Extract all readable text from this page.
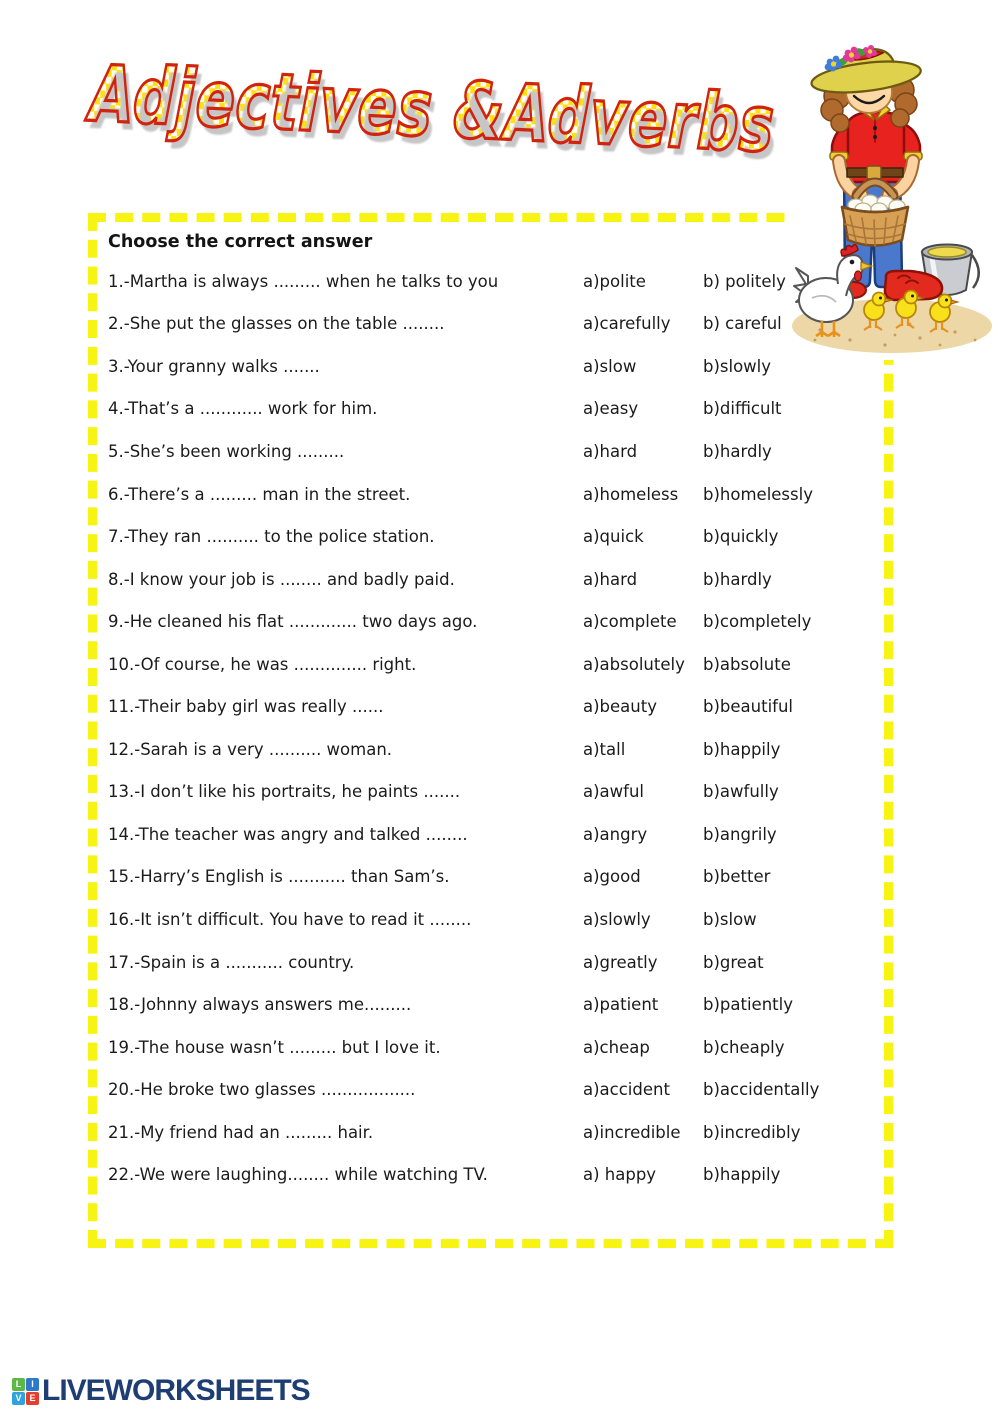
Adjectives &Adverbs
Choose the correct answer
1.-Martha is always ......... when he talks to you	a)polite	b) politely
2.-She put the glasses on the table ........	a)carefully	b) careful
3.-Your granny walks .......	a)slow	b)slowly
4.-That’s a ............ work for him.	a)easy	b)difficult
5.-She’s been working .........	a)hard	b)hardly
6.-There’s a ......... man in the street.	a)homeless	b)homelessly
7.-They ran .......... to the police station.	a)quick	b)quickly
8.-I know your job is ........ and badly paid.	a)hard	b)hardly
9.-He cleaned his flat ............. two days ago.	a)complete	b)completely
10.-Of course, he was .............. right.	a)absolutely	b)absolute
11.-Their baby girl was really ......	a)beauty	b)beautiful
12.-Sarah is a very .......... woman.	a)tall	b)happily
13.-I don’t like his portraits, he paints .......	a)awful	b)awfully
14.-The teacher was angry and talked ........	a)angry	b)angrily
15.-Harry’s English is ........... than Sam’s.	a)good	b)better
16.-It isn’t difficult. You have to read it ........	a)slowly	b)slow
17.-Spain is a ........... country.	a)greatly	b)great
18.-Johnny always answers me.........	a)patient	b)patiently
19.-The house wasn’t ......... but I love it.	a)cheap	b)cheaply
20.-He broke two glasses ..................	a)accident	b)accidentally
21.-My friend had an ......... hair.	a)incredible	b)incredibly
22.-We were laughing........ while watching TV.	a) happy	b)happily
L	I
V E LIVEWORKSHEETS
